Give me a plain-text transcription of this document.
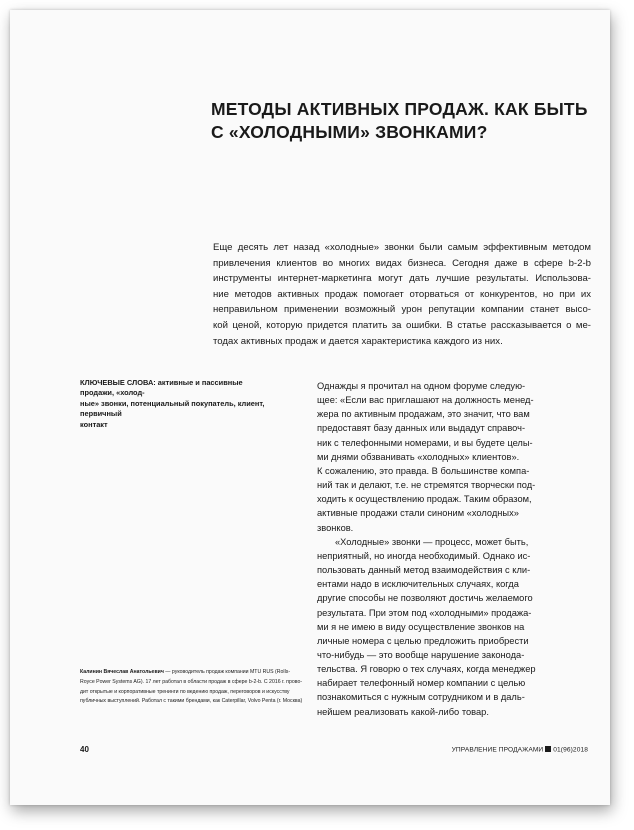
МЕТОДЫ АКТИВНЫХ ПРОДАЖ. КАК БЫТЬ
С «ХОЛОДНЫМИ» ЗВОНКАМИ?

Еще десять лет назад «холодные» звонки были самым эффективным методом
привлечения клиентов во многих видах бизнеса. Сегодня даже в сфере b-2-b
инструменты интернет-маркетинга могут дать лучшие результаты. Использова-
ние методов активных продаж помогает оторваться от конкурентов, но при их
неправильном применении возможный урон репутации компании станет высо-
кой ценой, которую придется платить за ошибки. В статье рассказывается о ме-
тодах активных продаж и дается характеристика каждого из них.

КЛЮЧЕВЫЕ СЛОВА: активные и пассивные продажи, «холод-
ные» звонки, потенциальный покупатель, клиент, первичный
контакт

Однажды я прочитал на одном форуме следую-
щее: «Если вас приглашают на должность менед-
жера по активным продажам, это значит, что вам
предоставят базу данных или выдадут справоч-
ник с телефонными номерами, и вы будете целы-
ми днями обзванивать «холодных» клиентов».
К сожалению, это правда. В большинстве компа-
ний так и делают, т.е. не стремятся творчески под-
ходить к осуществлению продаж. Таким образом,
активные продажи стали синоним «холодных»
звонков.
«Холодные» звонки — процесс, может быть,
неприятный, но иногда необходимый. Однако ис-
пользовать данный метод взаимодействия с кли-
ентами надо в исключительных случаях, когда
другие способы не позволяют достичь желаемого
результата. При этом под «холодными» продажа-
ми я не имею в виду осуществление звонков на
личные номера с целью предложить приобрести
что-нибудь — это вообще нарушение законода-
тельства. Я говорю о тех случаях, когда менеджер
набирает телефонный номер компании с целью
познакомиться с нужным сотрудником и в даль-
нейшем реализовать какой-либо товар.

Калинин Вячеслав Анатольевич — руководитель продаж компании MTU RUS (Rolls-
Royce Power Systems AG). 17 лет работал в области продаж в сфере b-2-b. С 2016 г. прово-
дит открытые и корпоративные тренинги по ведению продаж, переговоров и искусству
публичных выступлений. Работал с такими брендами, как Caterpillar, Volvo Penta (г. Москва)

40	УПРАВЛЕНИЕ ПРОДАЖАМИ 01(96)2018
